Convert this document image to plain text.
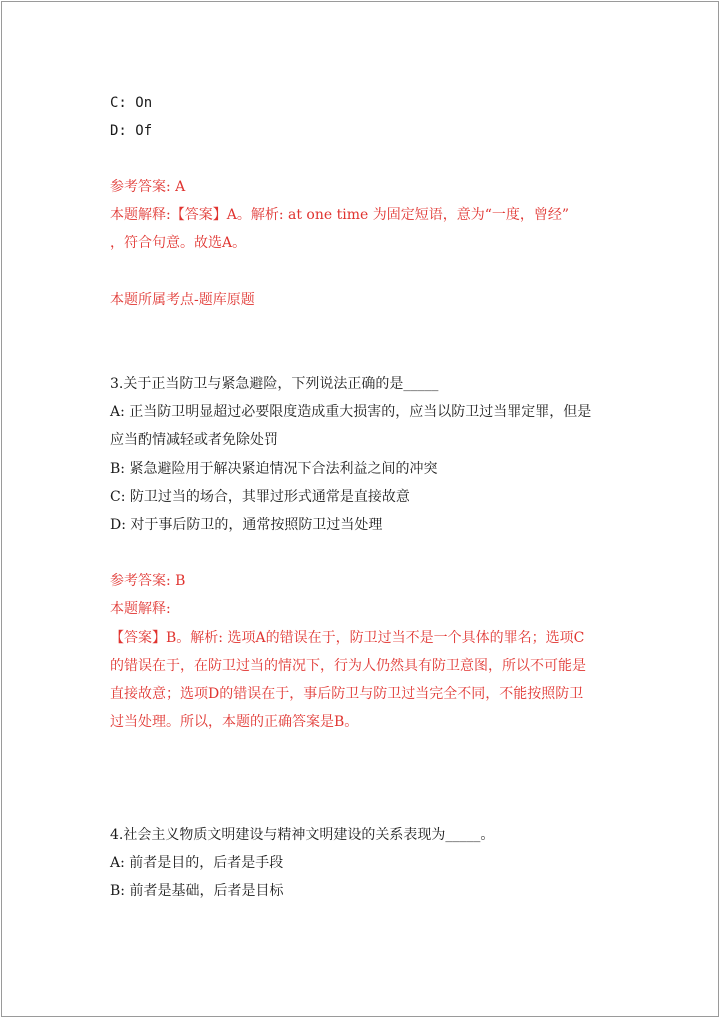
C: On
D: Of
参考答案: A
本题解释:【答案】A。解析: at one time 为固定短语，意为“一度，曾经”
，符合句意。故选A。
本题所属考点-题库原题
3.关于正当防卫与紧急避险，下列说法正确的是_____
A: 正当防卫明显超过必要限度造成重大损害的，应当以防卫过当罪定罪，但是
应当酌情减轻或者免除处罚
B: 紧急避险用于解决紧迫情况下合法利益之间的冲突
C: 防卫过当的场合，其罪过形式通常是直接故意
D: 对于事后防卫的，通常按照防卫过当处理
参考答案: B
本题解释:
【答案】B。解析: 选项A的错误在于，防卫过当不是一个具体的罪名；选项C
的错误在于，在防卫过当的情况下，行为人仍然具有防卫意图，所以不可能是
直接故意；选项D的错误在于，事后防卫与防卫过当完全不同，不能按照防卫
过当处理。所以，本题的正确答案是B。
4.社会主义物质文明建设与精神文明建设的关系表现为_____。
A: 前者是目的，后者是手段
B: 前者是基础，后者是目标
